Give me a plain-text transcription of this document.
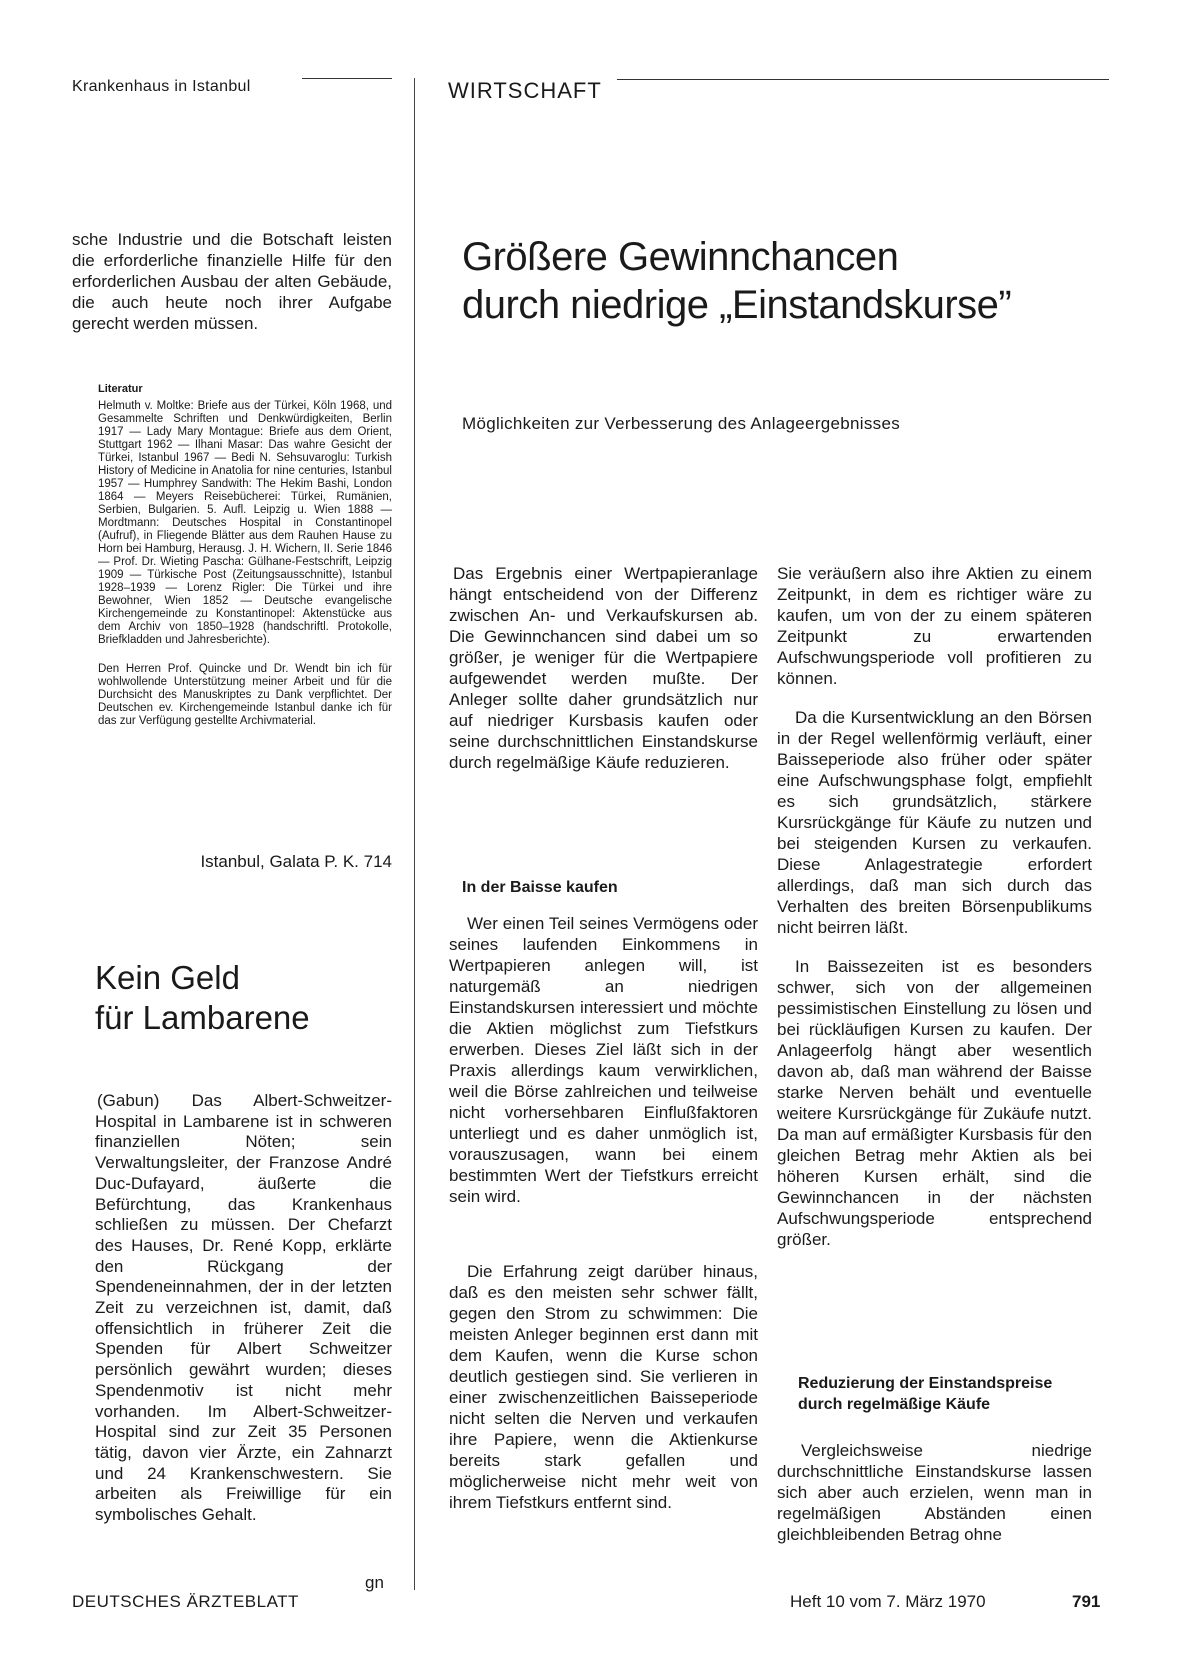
Krankenhaus in Istanbul	WIRTSCHAFT

sche Industrie und die Botschaft leisten die erforderliche finanzielle Hilfe für den erforderlichen Ausbau der alten Gebäude, die auch heute noch ihrer Aufgabe gerecht werden müssen.

Literatur

Helmuth v. Moltke: Briefe aus der Türkei, Köln 1968, und Gesammelte Schriften und Denkwürdigkeiten, Berlin 1917 — Lady Mary Montague: Briefe aus dem Orient, Stuttgart 1962 — Ilhani Masar: Das wahre Gesicht der Türkei, Istanbul 1967 — Bedi N. Sehsuvaroglu: Turkish History of Medicine in Anatolia for nine centuries, Istanbul 1957 — Humphrey Sandwith: The Hekim Bashi, London 1864 — Meyers Reisebücherei: Türkei, Rumänien, Serbien, Bulgarien. 5. Aufl. Leipzig u. Wien 1888 — Mordtmann: Deutsches Hospital in Constantinopel (Aufruf), in Fliegende Blätter aus dem Rauhen Hause zu Horn bei Hamburg, Herausg. J. H. Wichern, II. Serie 1846 — Prof. Dr. Wieting Pascha: Gülhane-Festschrift, Leipzig 1909 — Türkische Post (Zeitungsausschnitte), Istanbul 1928–1939 — Lorenz Rigler: Die Türkei und ihre Bewohner, Wien 1852 — Deutsche evangelische Kirchengemeinde zu Konstantinopel: Aktenstücke aus dem Archiv von 1850–1928 (handschriftl. Protokolle, Briefkladden und Jahresberichte).

Den Herren Prof. Quincke und Dr. Wendt bin ich für wohlwollende Unterstützung meiner Arbeit und für die Durchsicht des Manuskriptes zu Dank verpflichtet. Der Deutschen ev. Kirchengemeinde Istanbul danke ich für das zur Verfügung gestellte Archivmaterial.

Istanbul, Galata P. K. 714
Kein Geld
für Lambarene

(Gabun) Das Albert-Schweitzer-Hospital in Lambarene ist in schweren finanziellen Nöten; sein Verwaltungsleiter, der Franzose André Duc-Dufayard, äußerte die Befürchtung, das Krankenhaus schließen zu müssen. Der Chefarzt des Hauses, Dr. René Kopp, erklärte den Rückgang der Spendeneinnahmen, der in der letzten Zeit zu verzeichnen ist, damit, daß offensichtlich in früherer Zeit die Spenden für Albert Schweitzer persönlich gewährt wurden; dieses Spendenmotiv ist nicht mehr vorhanden. Im Albert-Schweitzer-Hospital sind zur Zeit 35 Personen tätig, davon vier Ärzte, ein Zahnarzt und 24 Krankenschwestern. Sie arbeiten als Freiwillige für ein symbolisches Gehalt.

gn
Größere Gewinnchancen
durch niedrige „Einstandskurse”
Möglichkeiten zur Verbesserung des Anlageergebnisses

Das Ergebnis einer Wertpapieranlage hängt entscheidend von der Differenz zwischen An- und Verkaufskursen ab. Die Gewinnchancen sind dabei um so größer, je weniger für die Wertpapiere aufgewendet werden mußte. Der Anleger sollte daher grundsätzlich nur auf niedriger Kursbasis kaufen oder seine durchschnittlichen Einstandskurse durch regelmäßige Käufe reduzieren.

In der Baisse kaufen

Wer einen Teil seines Vermögens oder seines laufenden Einkommens in Wertpapieren anlegen will, ist naturgemäß an niedrigen Einstandskursen interessiert und möchte die Aktien möglichst zum Tiefstkurs erwerben. Dieses Ziel läßt sich in der Praxis allerdings kaum verwirklichen, weil die Börse zahlreichen und teilweise nicht vorhersehbaren Einflußfaktoren unterliegt und es daher unmöglich ist, vorauszusagen, wann bei einem bestimmten Wert der Tiefstkurs erreicht sein wird.

Die Erfahrung zeigt darüber hinaus, daß es den meisten sehr schwer fällt, gegen den Strom zu schwimmen: Die meisten Anleger beginnen erst dann mit dem Kaufen, wenn die Kurse schon deutlich gestiegen sind. Sie verlieren in einer zwischenzeitlichen Baisseperiode nicht selten die Nerven und verkaufen ihre Papiere, wenn die Aktienkurse bereits stark gefallen und möglicherweise nicht mehr weit von ihrem Tiefstkurs entfernt sind.

Sie veräußern also ihre Aktien zu einem Zeitpunkt, in dem es richtiger wäre zu kaufen, um von der zu einem späteren Zeitpunkt zu erwartenden Aufschwungsperiode voll profitieren zu können.

Da die Kursentwicklung an den Börsen in der Regel wellenförmig verläuft, einer Baisseperiode also früher oder später eine Aufschwungsphase folgt, empfiehlt es sich grundsätzlich, stärkere Kursrückgänge für Käufe zu nutzen und bei steigenden Kursen zu verkaufen. Diese Anlagestrategie erfordert allerdings, daß man sich durch das Verhalten des breiten Börsenpublikums nicht beirren läßt.

In Baissezeiten ist es besonders schwer, sich von der allgemeinen pessimistischen Einstellung zu lösen und bei rückläufigen Kursen zu kaufen. Der Anlageerfolg hängt aber wesentlich davon ab, daß man während der Baisse starke Nerven behält und eventuelle weitere Kursrückgänge für Zukäufe nutzt. Da man auf ermäßigter Kursbasis für den gleichen Betrag mehr Aktien als bei höheren Kursen erhält, sind die Gewinnchancen in der nächsten Aufschwungsperiode entsprechend größer.

Reduzierung der Einstandspreise
durch regelmäßige Käufe

Vergleichsweise niedrige durchschnittliche Einstandskurse lassen sich aber auch erzielen, wenn man in regelmäßigen Abständen einen gleichbleibenden Betrag ohne

DEUTSCHES ÄRZTEBLATT	Heft 10 vom 7. März 1970	791
